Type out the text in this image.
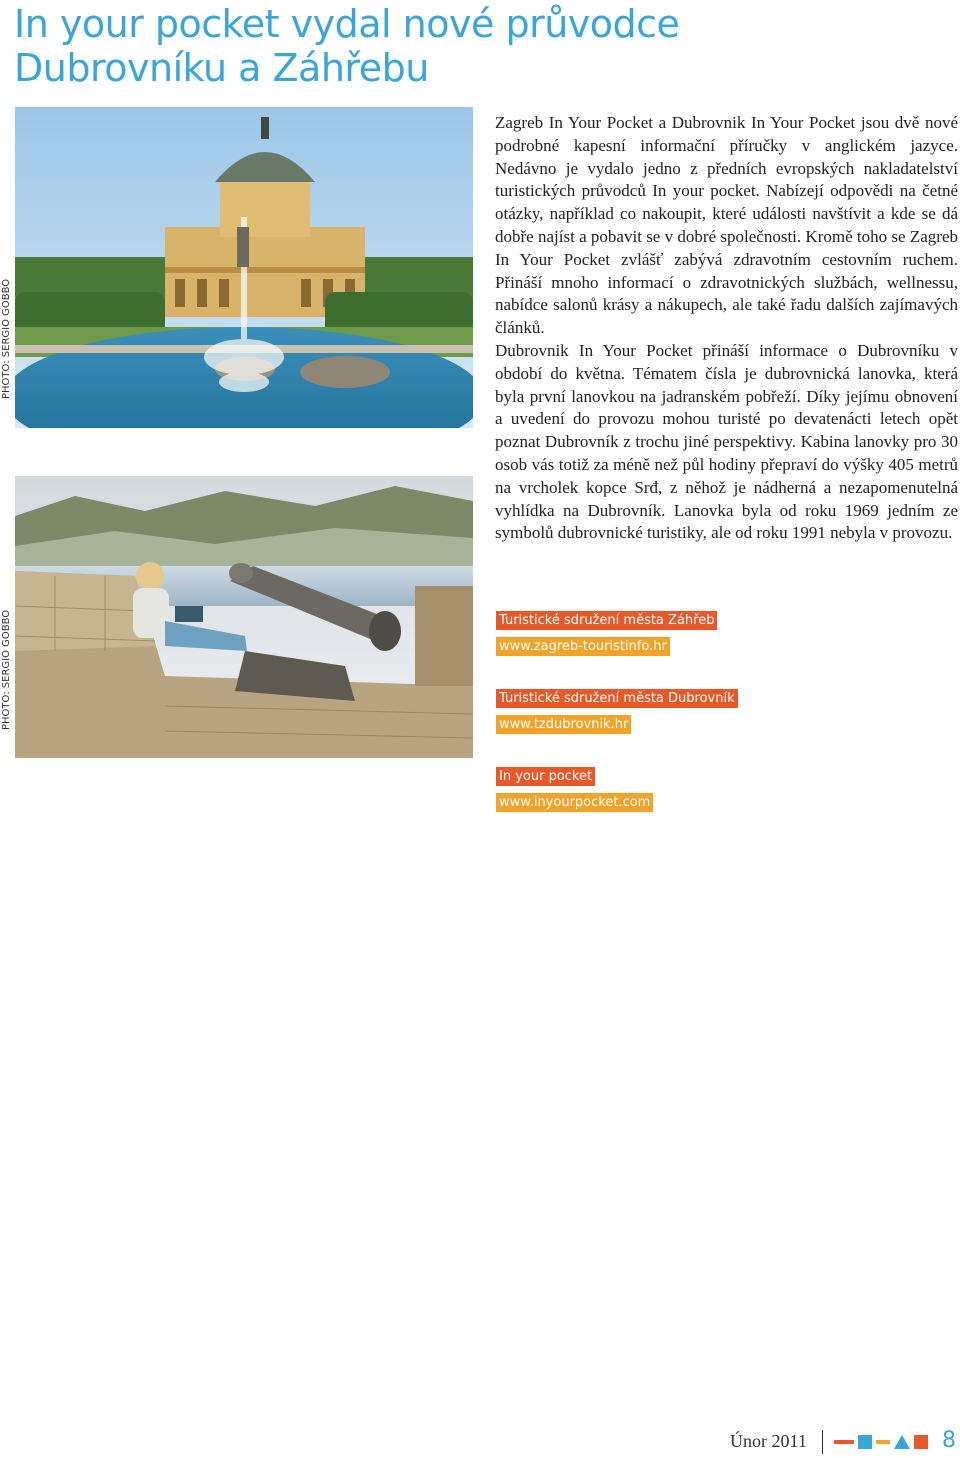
In your pocket vydal nové průvodce
Dubrovníku a Záhřebu
PHOTO: SERGIO GOBBO
PHOTO: SERGIO GOBBO

Zagreb In Your Pocket a Dubrovnik In Your Pocket jsou dvě nové podrobné kapesní informační příručky v anglickém jazyce. Nedávno je vydalo jedno z předních evropských nakladatelství turistických průvodců In your pocket. Nabízejí odpovědi na četné otázky, například co nakoupit, které události navštívit a kde se dá dobře najíst a pobavit se v dobré společnosti. Kromě toho se Zagreb In Your Pocket zvlášť zabývá zdravotním cestovním ruchem. Přináší mnoho informací o zdravotnických službách, wellnessu, nabídce salonů krásy a nákupech, ale také řadu dalších zajímavých článků.

Dubrovnik In Your Pocket přináší informace o Dubrovníku v období do května. Tématem čísla je dubrovnická lanovka, která byla první lanovkou na jadranském pobřeží. Díky jejímu obnovení a uvedení do provozu mohou turisté po devatenácti letech opět poznat Dubrovník z trochu jiné perspektivy. Kabina lanovky pro 30 osob vás totiž za méně než půl hodiny přepraví do výšky 405 metrů na vrcholek kopce Srđ, z něhož je nádherná a nezapomenutelná vyhlídka na Dubrovník. Lanovka byla od roku 1969 jedním ze symbolů dubrovnické turistiky, ale od roku 1991 nebyla v provozu.

Turistické sdružení města Záhřeb
www.zagreb-touristinfo.hr
Turistické sdružení města Dubrovník
www.tzdubrovnik.hr
In your pocket
www.inyourpocket.com
Únor 2011	8
